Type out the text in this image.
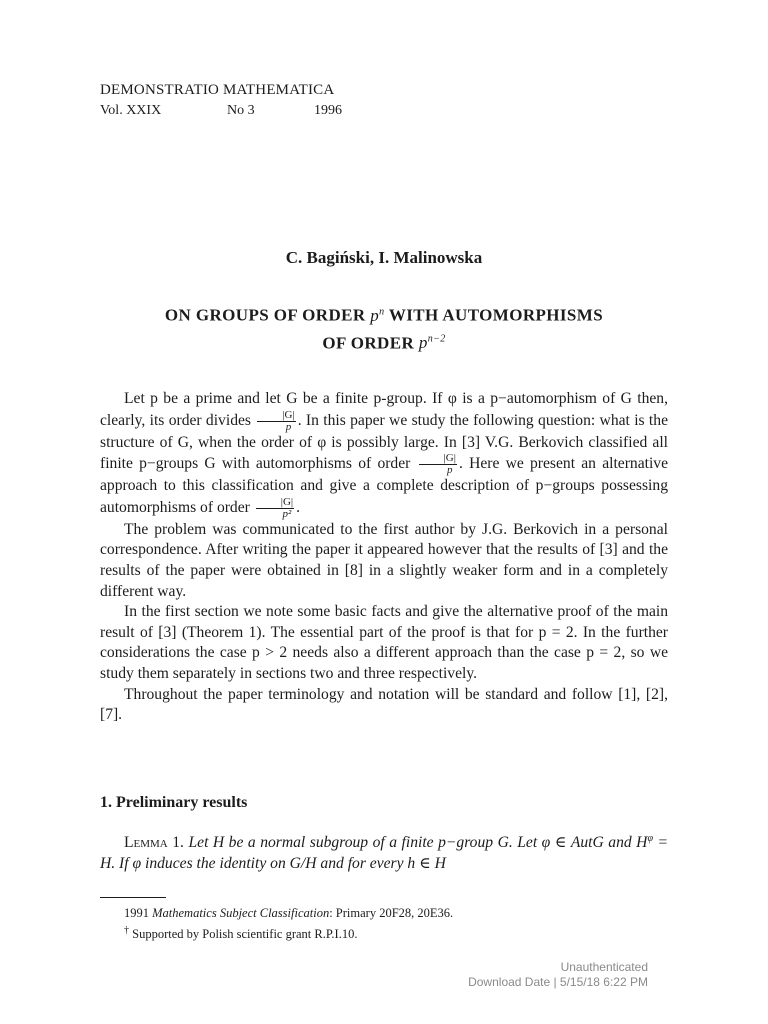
DEMONSTRATIO MATHEMATICA
Vol. XXIX	No 3	1996
C. Bagiński, I. Malinowska
ON GROUPS OF ORDER $p^n$ WITH AUTOMORPHISMS
OF ORDER $p^{n-2}$

Let p be a prime and let G be a finite p-group. If φ is a p−automorphism of G then, clearly, its order divides $\frac{|G|}{p}$ . In this paper we study the following question: what is the structure of G, when the order of φ is possibly large. In [3] V.G. Berkovich classified all finite p−groups G with automorphisms of order $\frac{|G|}{p}$ . Here we present an alternative approach to this classification and give a complete description of p−groups possessing automorphisms of order $\frac{|G|}{\text{p²}}$ .

The problem was communicated to the first author by J.G. Berkovich in a personal correspondence. After writing the paper it appeared however that the results of [3] and the results of the paper were obtained in [8] in a slightly weaker form and in a completely different way.

In the first section we note some basic facts and give the alternative proof of the main result of [3] (Theorem 1). The essential part of the proof is that for p = 2. In the further considerations the case p > 2 needs also a different approach than the case p = 2, so we study them separately in sections two and three respectively.

Throughout the paper terminology and notation will be standard and follow [1], [2], [7].

1. Preliminary results
Lemma 1. Let H be a normal subgroup of a finite p−group G. Let φ ∈ AutG and $H^\varphi = H$. If φ induces the identity on G/H and for every h ∈ H
1991 Mathematics Subject Classification: Primary 20F28, 20E36.
† Supported by Polish scientific grant R.P.I.10.
Unauthenticated
Download Date | 5/15/18 6:22 PM
